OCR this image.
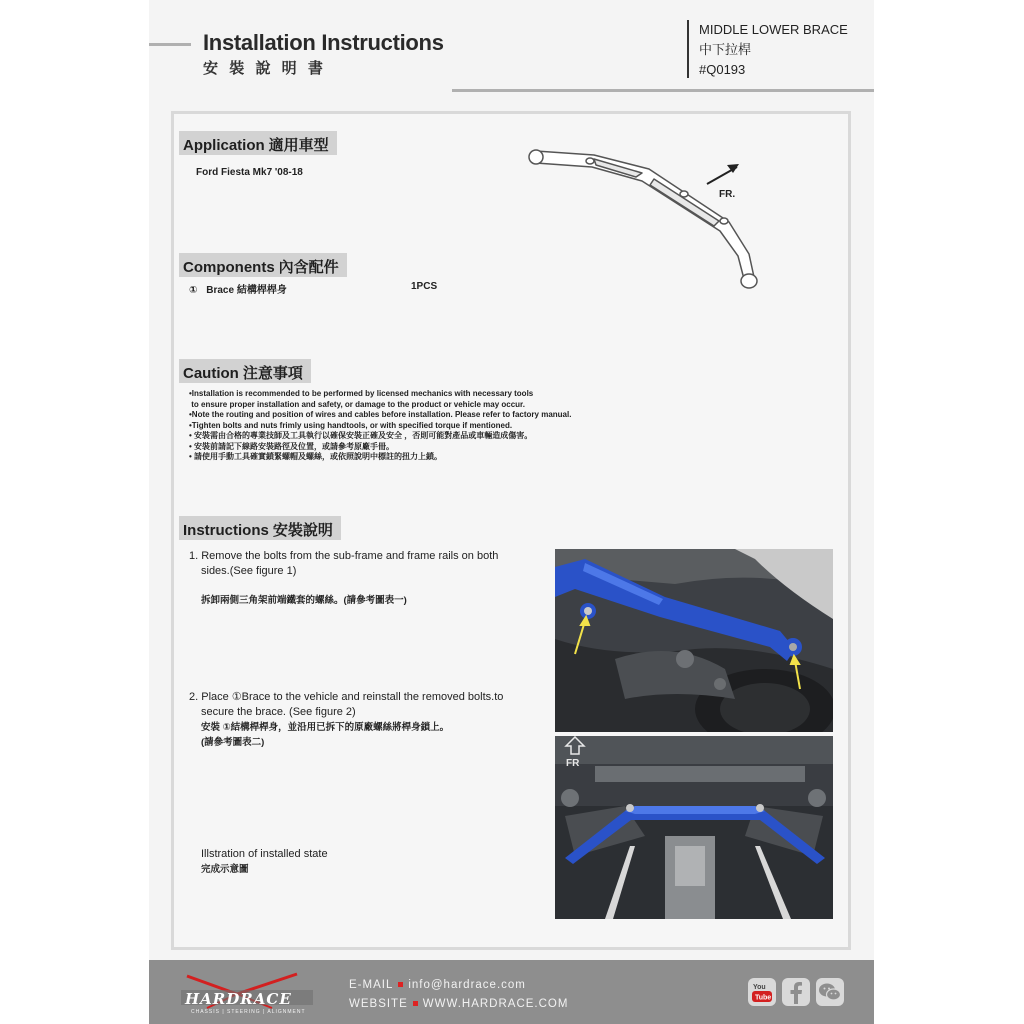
Installation Instructions
安 裝 說 明 書
MIDDLE LOWER BRACE
中下拉桿
#Q0193
Application 適用車型
Ford Fiesta Mk7 '08-18
FR.
Components 內含配件
① Brace 結構桿桿身	1PCS
Caution 注意事項
•Installation is recommended to be performed by licensed mechanics with necessary tools
to ensure proper installation and safety, or damage to the product or vehicle may occur.
•Note the routing and position of wires and cables before installation. Please refer to factory manual.
•Tighten bolts and nuts frimly using handtools, or with specified torque if mentioned.
• 安裝需由合格的專業技師及工具執行以確保安裝正確及安全 ，否則可能對產品或車輛造成傷害。
• 安裝前請記下線路安裝路徑及位置，或請參考原廠手冊。
• 請使用手動工具確實鎖緊螺帽及螺絲，或依照說明中標註的扭力上鎖。
Instructions 安裝說明
1. Remove the bolts from the sub-frame and frame rails on both
sides.(See figure 1)
拆卸兩側三角架前端鐵套的螺絲。(請參考圖表一)
2. Place ①Brace to the vehicle and reinstall the removed bolts.to
secure the brace. (See figure 2)
安裝 ①結構桿桿身，並沿用已拆下的原廠螺絲將桿身鎖上。
(請參考圖表二)
Illstration of installed state
完成示意圖
FR
HARDRACE
CHASSIS | STEERING | ALIGNMENT
E-MAIL info@hardrace.com
WEBSITE WWW.HARDRACE.COM
You
Tube
